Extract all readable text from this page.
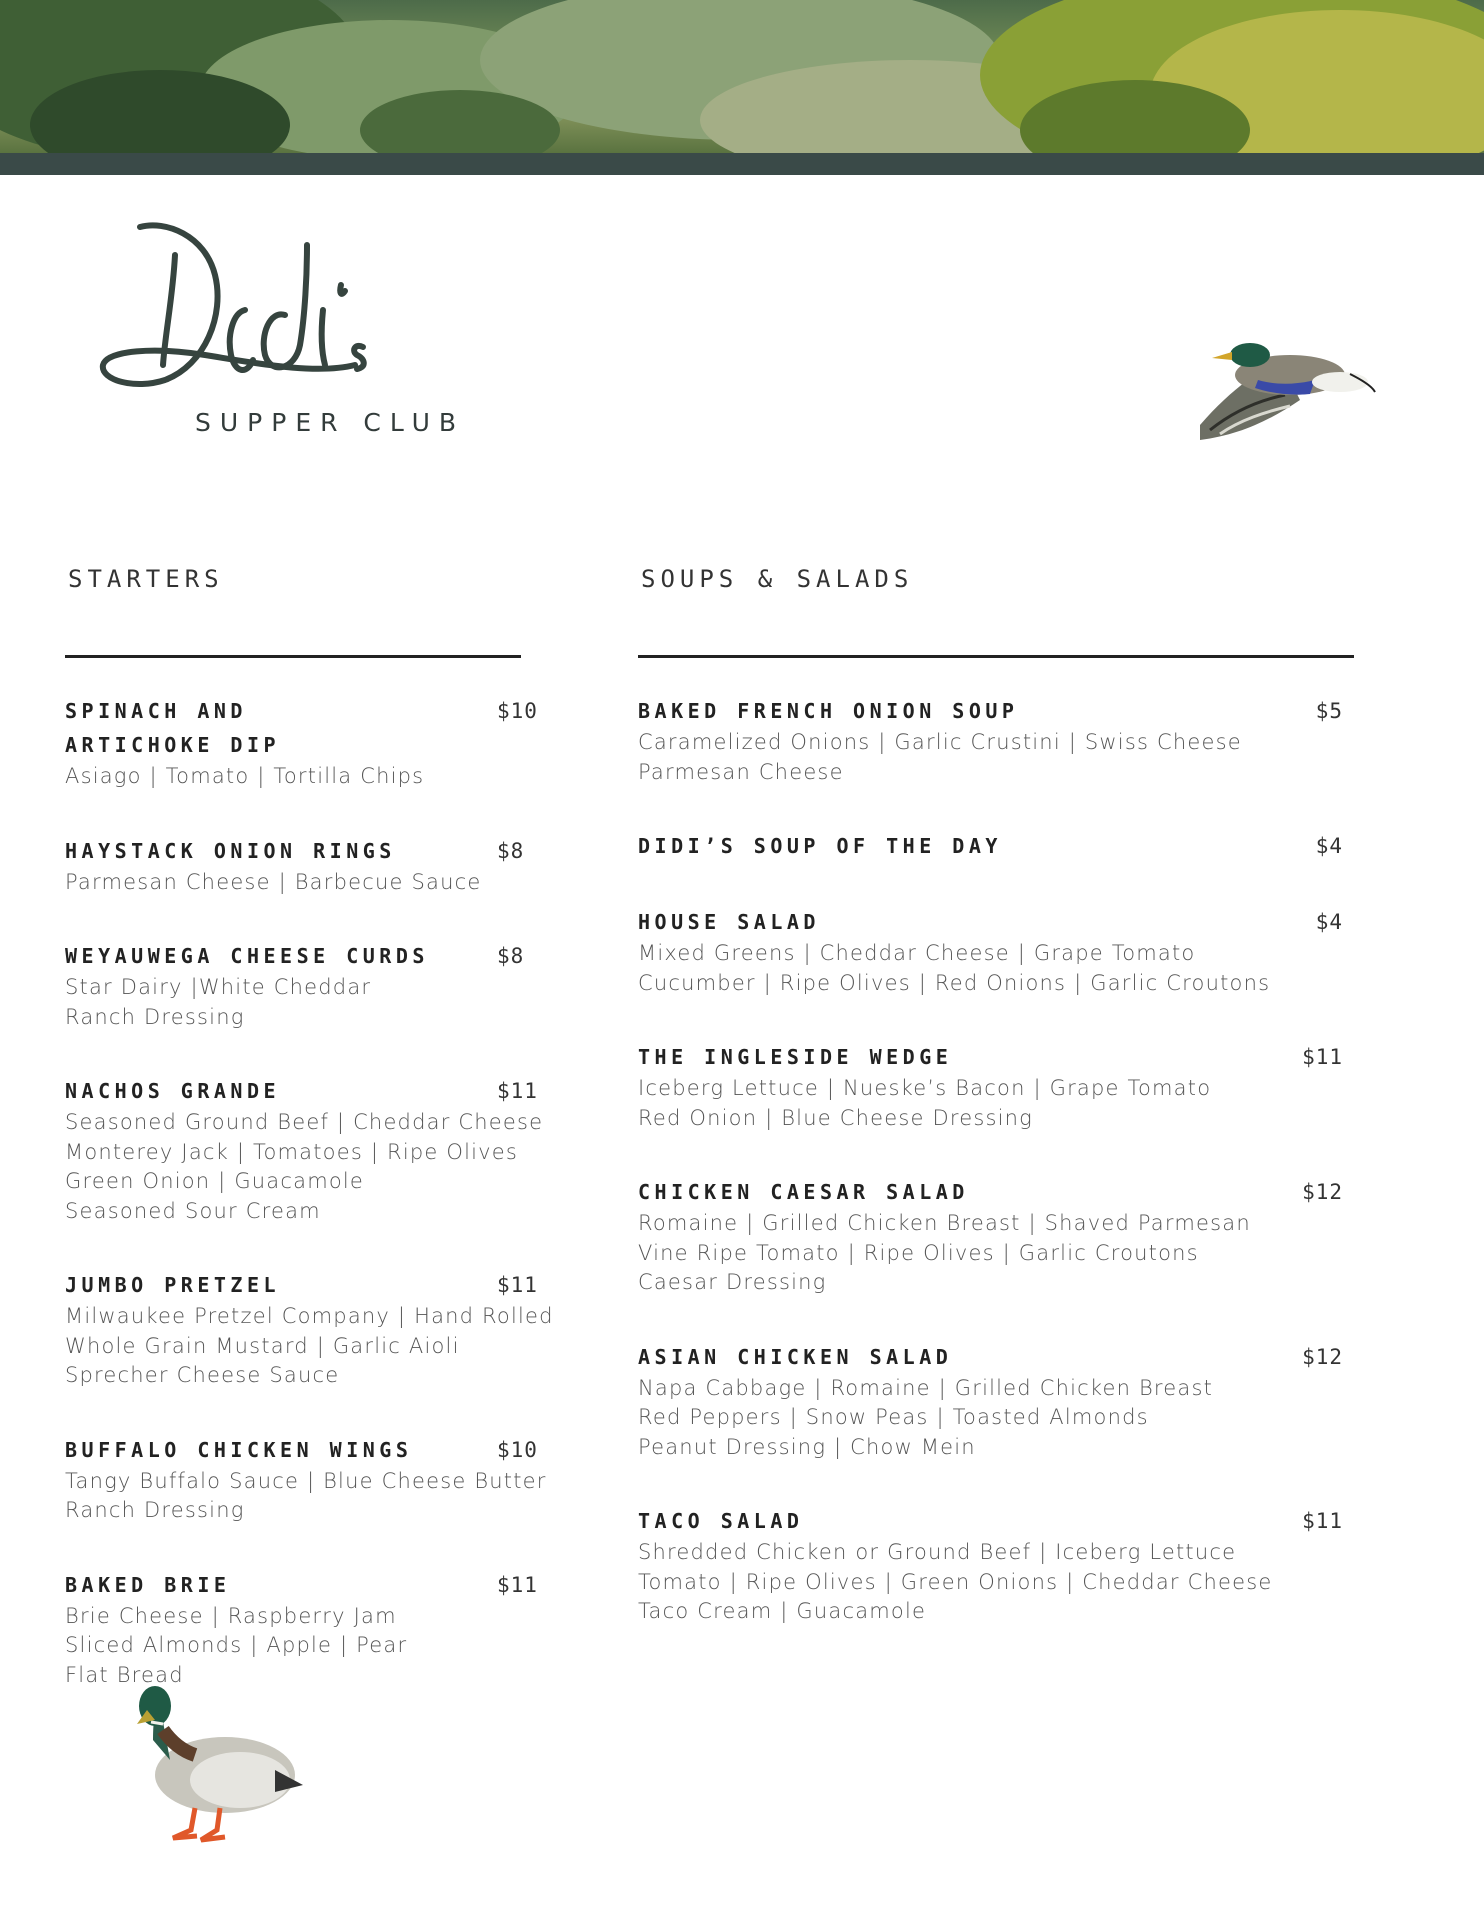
SUPPER CLUB
STARTERS
SPINACH AND
ARTICHOKE DIP
$10
Asiago | Tomato | Tortilla Chips
HAYSTACK ONION RINGS	$8
Parmesan Cheese | Barbecue Sauce
WEYAUWEGA CHEESE CURDS	$8
Star Dairy |White Cheddar
Ranch Dressing
NACHOS GRANDE	$11
Seasoned Ground Beef | Cheddar Cheese
Monterey Jack | Tomatoes | Ripe Olives
Green Onion | Guacamole
Seasoned Sour Cream
JUMBO PRETZEL	$11
Milwaukee Pretzel Company | Hand Rolled
Whole Grain Mustard | Garlic Aioli
Sprecher Cheese Sauce
BUFFALO CHICKEN WINGS	$10
Tangy Buffalo Sauce | Blue Cheese Butter
Ranch Dressing
BAKED BRIE	$11
Brie Cheese | Raspberry Jam
Sliced Almonds | Apple | Pear
Flat Bread
SOUPS & SALADS
BAKED FRENCH ONION SOUP	$5
Caramelized Onions | Garlic Crustini | Swiss Cheese
Parmesan Cheese
DIDI’S SOUP OF THE DAY	$4
HOUSE SALAD	$4
Mixed Greens | Cheddar Cheese | Grape Tomato
Cucumber | Ripe Olives | Red Onions | Garlic Croutons
THE INGLESIDE WEDGE	$11
Iceberg Lettuce | Nueske’s Bacon | Grape Tomato
Red Onion | Blue Cheese Dressing
CHICKEN CAESAR SALAD	$12
Romaine | Grilled Chicken Breast | Shaved Parmesan
Vine Ripe Tomato | Ripe Olives | Garlic Croutons
Caesar Dressing
ASIAN CHICKEN SALAD	$12
Napa Cabbage | Romaine | Grilled Chicken Breast
Red Peppers | Snow Peas | Toasted Almonds
Peanut Dressing | Chow Mein
TACO SALAD	$11
Shredded Chicken or Ground Beef | Iceberg Lettuce
Tomato | Ripe Olives | Green Onions | Cheddar Cheese
Taco Cream | Guacamole
